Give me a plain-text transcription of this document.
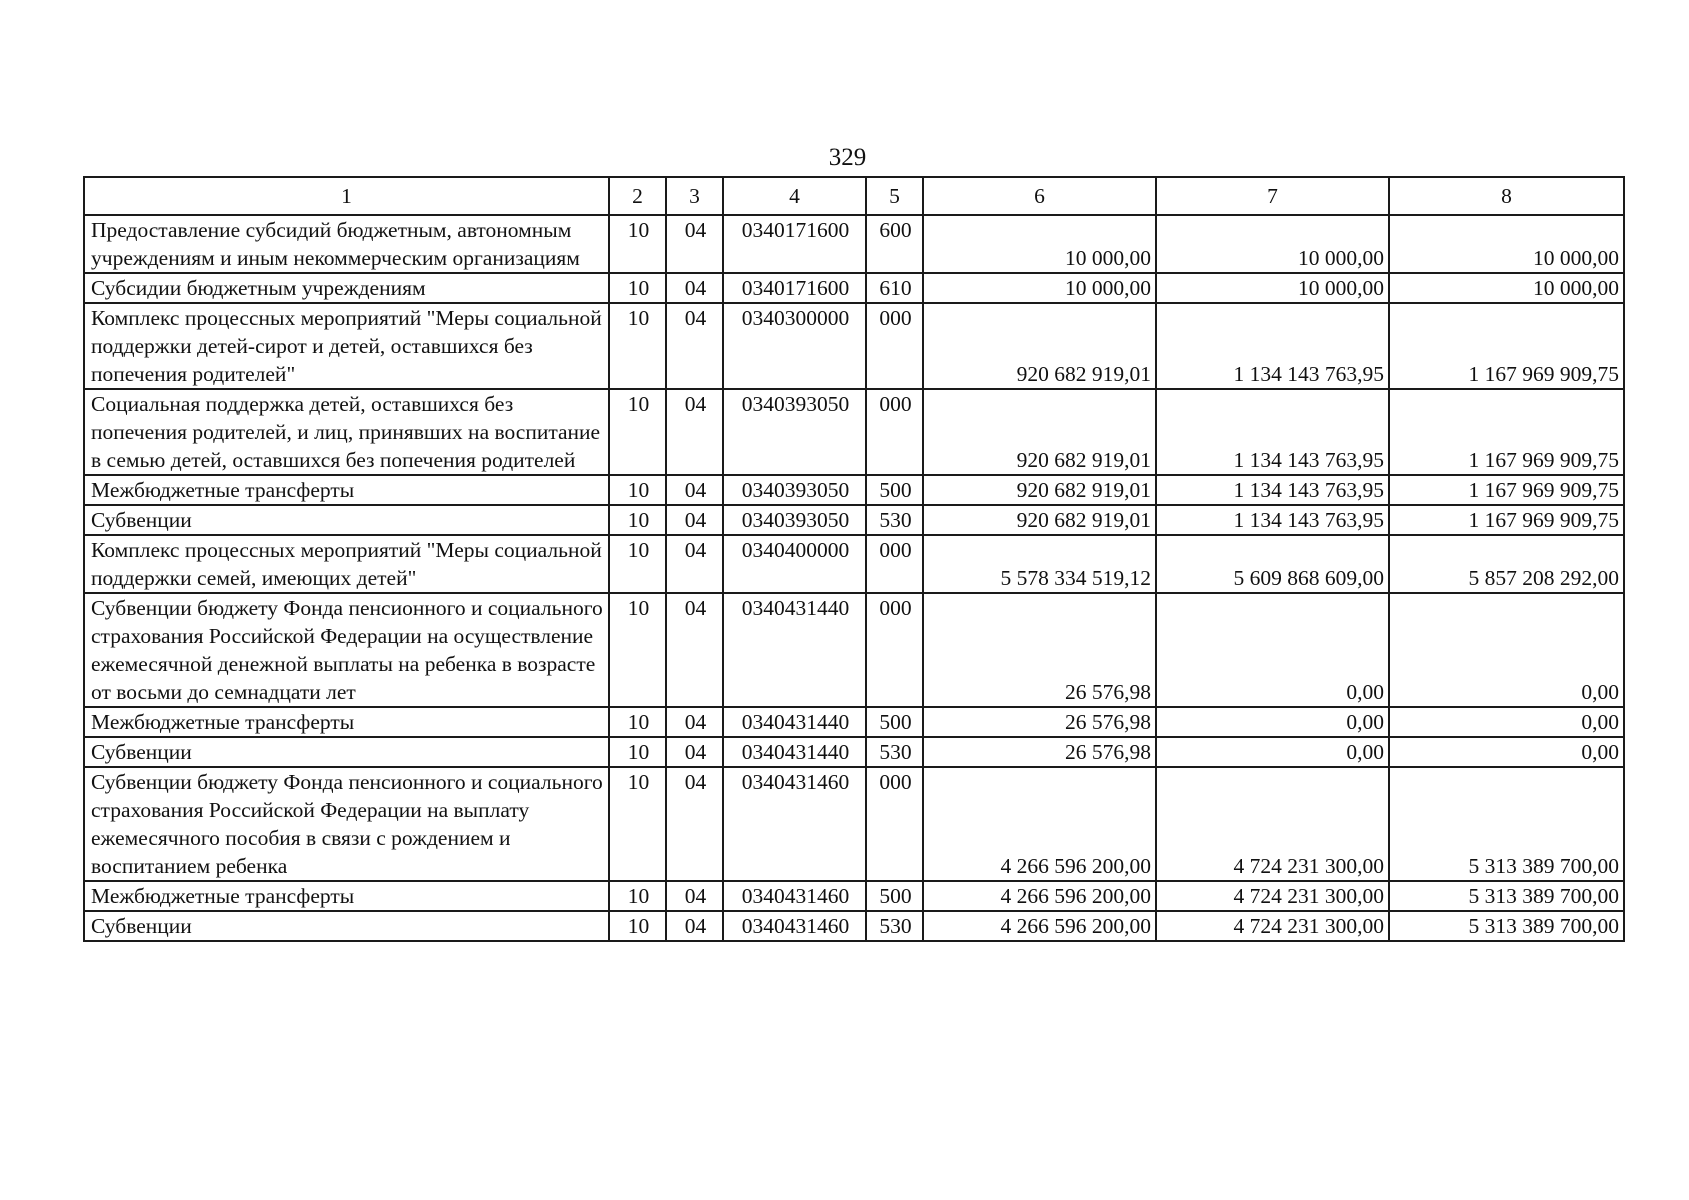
329
1	2	3	4	5	6	7	8
Предоставление субсидий бюджетным, автономным учреждениям и иным некоммерческим организациям	10	04	0340171600	600	10 000,00	10 000,00	10 000,00
Субсидии бюджетным учреждениям	10	04	0340171600	610	10 000,00	10 000,00	10 000,00
Комплекс процессных мероприятий "Меры социальной поддержки детей-сирот и детей, оставшихся без попечения родителей"	10	04	0340300000	000	920 682 919,01	1 134 143 763,95	1 167 969 909,75
Социальная поддержка детей, оставшихся без попечения родителей, и лиц, принявших на воспитание в семью детей, оставшихся без попечения родителей	10	04	0340393050	000	920 682 919,01	1 134 143 763,95	1 167 969 909,75
Межбюджетные трансферты	10	04	0340393050	500	920 682 919,01	1 134 143 763,95	1 167 969 909,75
Субвенции	10	04	0340393050	530	920 682 919,01	1 134 143 763,95	1 167 969 909,75
Комплекс процессных мероприятий "Меры социальной поддержки семей, имеющих детей"	10	04	0340400000	000	5 578 334 519,12	5 609 868 609,00	5 857 208 292,00
Субвенции бюджету Фонда пенсионного и социального страхования Российской Федерации на осуществление ежемесячной денежной выплаты на ребенка в возрасте от восьми до семнадцати лет	10	04	0340431440	000	26 576,98	0,00	0,00
Межбюджетные трансферты	10	04	0340431440	500	26 576,98	0,00	0,00
Субвенции	10	04	0340431440	530	26 576,98	0,00	0,00
Субвенции бюджету Фонда пенсионного и социального страхования Российской Федерации на выплату ежемесячного пособия в связи с рождением и воспитанием ребенка	10	04	0340431460	000	4 266 596 200,00	4 724 231 300,00	5 313 389 700,00
Межбюджетные трансферты	10	04	0340431460	500	4 266 596 200,00	4 724 231 300,00	5 313 389 700,00
Субвенции	10	04	0340431460	530	4 266 596 200,00	4 724 231 300,00	5 313 389 700,00
